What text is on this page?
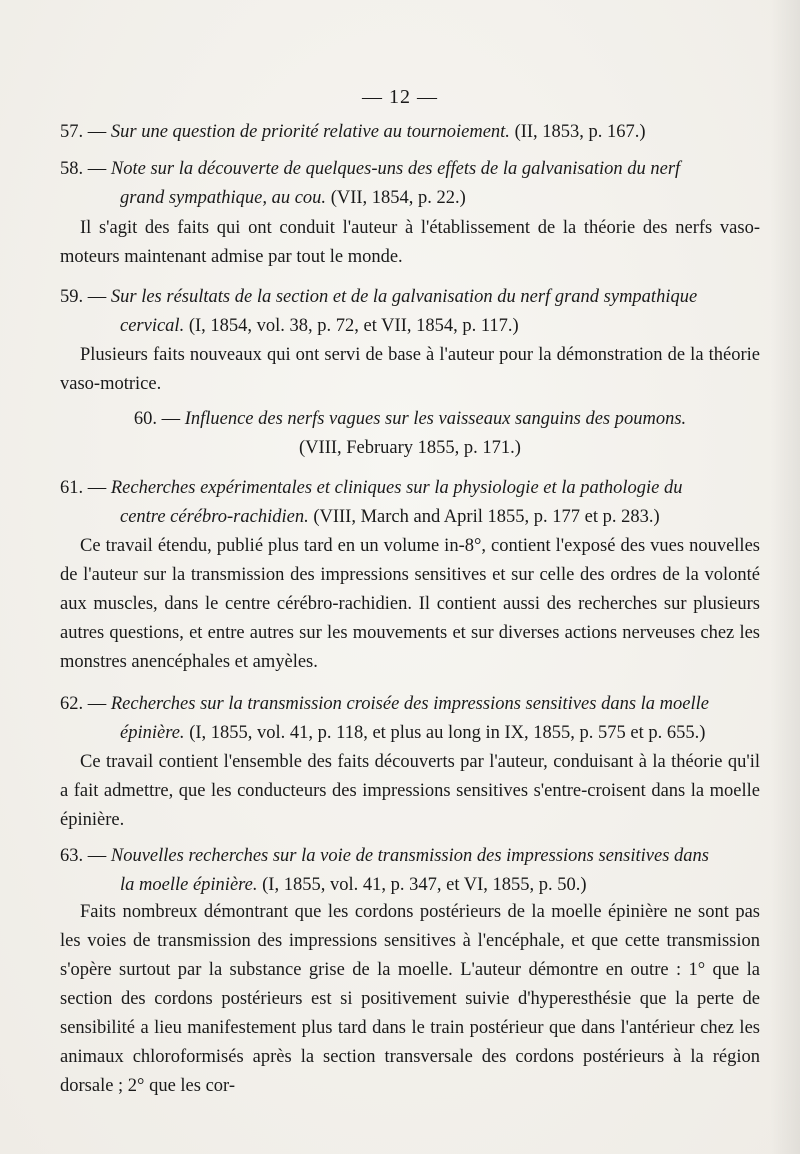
— 12 —
57. — Sur une question de priorité relative au tournoiement. (II, 1853, p. 167.)
58. — Note sur la découverte de quelques-uns des effets de la galvanisation du nerf
grand sympathique, au cou. (VII, 1854, p. 22.)

Il s'agit des faits qui ont conduit l'auteur à l'établissement de la théorie des nerfs vaso-moteurs maintenant admise par tout le monde.

59. — Sur les résultats de la section et de la galvanisation du nerf grand sympathique
cervical. (I, 1854, vol. 38, p. 72, et VII, 1854, p. 117.)

Plusieurs faits nouveaux qui ont servi de base à l'auteur pour la démonstration de la théorie vaso-motrice.

60. — Influence des nerfs vagues sur les vaisseaux sanguins des poumons.
(VIII, February 1855, p. 171.)
61. — Recherches expérimentales et cliniques sur la physiologie et la pathologie du
centre cérébro-rachidien. (VIII, March and April 1855, p. 177 et p. 283.)

Ce travail étendu, publié plus tard en un volume in-8°, contient l'exposé des vues nouvelles de l'auteur sur la transmission des impressions sensitives et sur celle des ordres de la volonté aux muscles, dans le centre cérébro-rachidien. Il contient aussi des recherches sur plusieurs autres questions, et entre autres sur les mouvements et sur diverses actions nerveuses chez les monstres anencéphales et amyèles.

62. — Recherches sur la transmission croisée des impressions sensitives dans la moelle
épinière. (I, 1855, vol. 41, p. 118, et plus au long in IX, 1855, p. 575 et p. 655.)

Ce travail contient l'ensemble des faits découverts par l'auteur, conduisant à la théorie qu'il a fait admettre, que les conducteurs des impressions sensitives s'entre-croisent dans la moelle épinière.

63. — Nouvelles recherches sur la voie de transmission des impressions sensitives dans
la moelle épinière. (I, 1855, vol. 41, p. 347, et VI, 1855, p. 50.)

Faits nombreux démontrant que les cordons postérieurs de la moelle épinière ne sont pas les voies de transmission des impressions sensitives à l'encéphale, et que cette transmission s'opère surtout par la substance grise de la moelle. L'auteur démontre en outre : 1° que la section des cordons postérieurs est si positivement suivie d'hyperesthésie que la perte de sensibilité a lieu manifestement plus tard dans le train postérieur que dans l'antérieur chez les animaux chloroformisés après la section transversale des cordons postérieurs à la région dorsale ; 2° que les cor-
